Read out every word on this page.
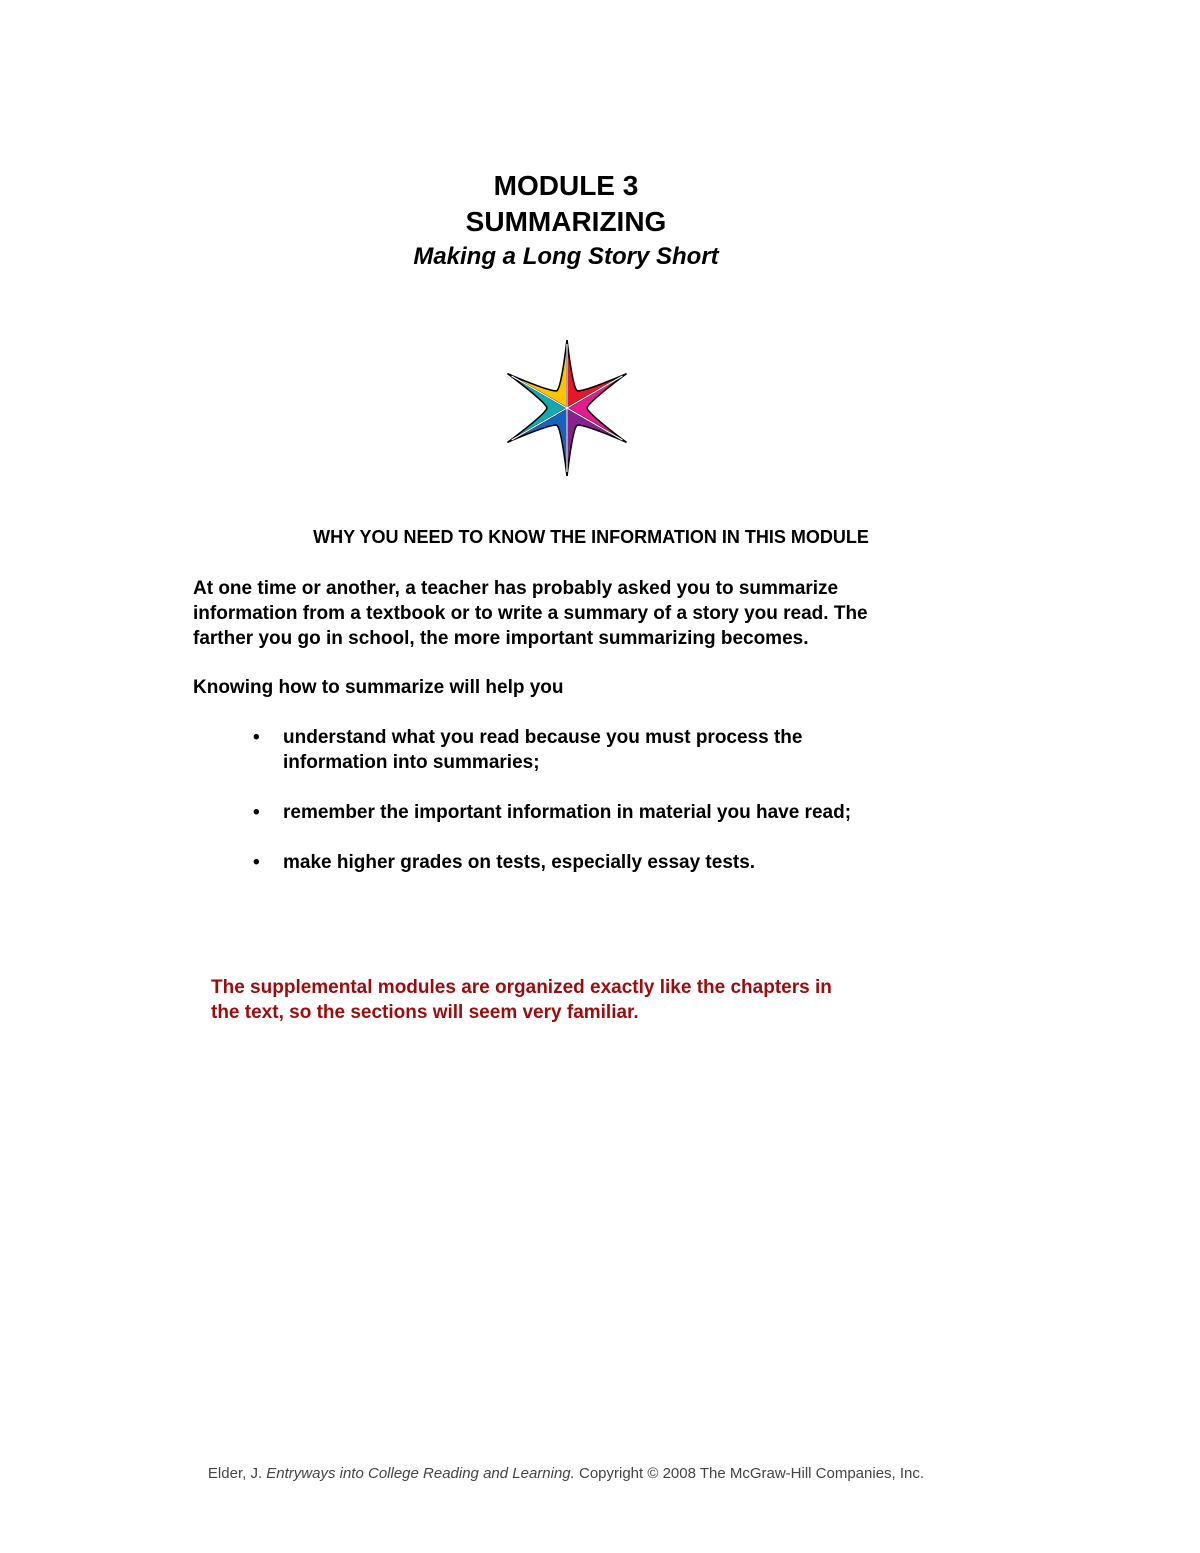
MODULE 3
SUMMARIZING
Making a Long Story Short
WHY YOU NEED TO KNOW THE INFORMATION IN THIS MODULE
At one time or another, a teacher has probably asked you to summarize
information from a textbook or to write a summary of a story you read. The
farther you go in school, the more important summarizing becomes.
Knowing how to summarize will help you
•	understand what you read because you must process the
information into summaries;
•	remember the important information in material you have read;
•	make higher grades on tests, especially essay tests.
The supplemental modules are organized exactly like the chapters in
the text, so the sections will seem very familiar.
Elder, J. Entryways into College Reading and Learning. Copyright © 2008 The McGraw-Hill Companies, Inc.
